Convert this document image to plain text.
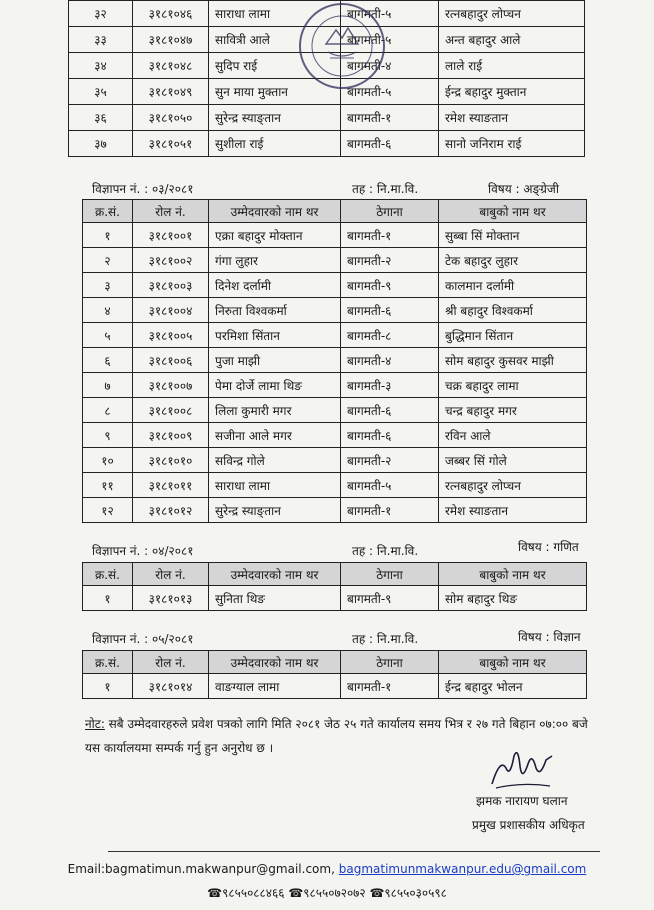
३२	३१८१०४६	साराधा लामा	बागमती-५	रत्नबहादुर लोप्चन
३३	३१८१०४७	सावित्री आले	बागमती-५	अन्त बहादुर आले
३४	३१८१०४८	सुदिप राई	बागमती-४	लाले राई
३५	३१८१०४९	सुन माया मुक्तान	बागमती-५	ईन्द्र बहादुर मुक्तान
३६	३१८१०५०	सुरेन्द्र स्याङ्तान	बागमती-१	रमेश स्याङतान
३७	३१८१०५१	सुशीला राई	बागमती-६	सानो जनिराम राई
विज्ञापन नं. : ०३/२०८१	तह : नि.मा.वि.	विषय : अङ्ग्रेजी
क्र.सं.	रोल नं.	उम्मेदवारको नाम थर	ठेगाना	बाबुको नाम थर
१	३१८१००१	एक्रा बहादुर मोक्तान	बागमती-१	सुब्बा सिं मोक्तान
२	३१८१००२	गंगा लुहार	बागमती-२	टेक बहादुर लुहार
३	३१८१००३	दिनेश दर्लामी	बागमती-९	कालमान दर्लामी
४	३१८१००४	निरुता विश्वकर्मा	बागमती-६	श्री बहादुर विश्वकर्मा
५	३१८१००५	परमिशा सिंतान	बागमती-८	बुद्धिमान सिंतान
६	३१८१००६	पुजा माझी	बागमती-४	सोम बहादुर कुसवर माझी
७	३१८१००७	पेमा दोर्जे लामा थिङ	बागमती-३	चक्र बहादुर लामा
८	३१८१००८	लिला कुमारी मगर	बागमती-६	चन्द्र बहादुर मगर
९	३१८१००९	सजीना आले मगर	बागमती-६	रविन आले
१०	३१८१०१०	सविन्द्र गोले	बागमती-२	जब्बर सिं गोले
११	३१८१०११	साराधा लामा	बागमती-५	रत्नबहादुर लोप्चन
१२	३१८१०१२	सुरेन्द्र स्याङ्तान	बागमती-१	रमेश स्याङतान
विज्ञापन नं. : ०४/२०८१	तह : नि.मा.वि.	विषय : गणित
क्र.सं.	रोल नं.	उम्मेदवारको नाम थर	ठेगाना	बाबुको नाम थर
१	३१८१०१३	सुनिता थिङ	बागमती-९	सोम बहादुर थिङ
विज्ञापन नं. : ०५/२०८१	तह : नि.मा.वि.	विषय : विज्ञान
क्र.सं.	रोल नं.	उम्मेदवारको नाम थर	ठेगाना	बाबुको नाम थर
१	३१८१०१४	वाङग्याल लामा	बागमती-१	ईन्द्र बहादुर भोलन
नोट: सबै उम्मेदवारहरुले प्रवेश पत्रको लागि मिति २०८१ जेठ २५ गते कार्यालय समय भित्र र २७ गते बिहान ०७:०० बजे यस कार्यालयमा सम्पर्क गर्नु हुन अनुरोध छ ।
झमक नारायण घलान
प्रमुख प्रशासकीय अधिकृत
Email:bagmatimun.makwanpur@gmail.com, bagmatimunmakwanpur.edu@gmail.com
☎९८५५०८८४६६ ☎९८५५०७२०७२ ☎९८५५०३०५९८
